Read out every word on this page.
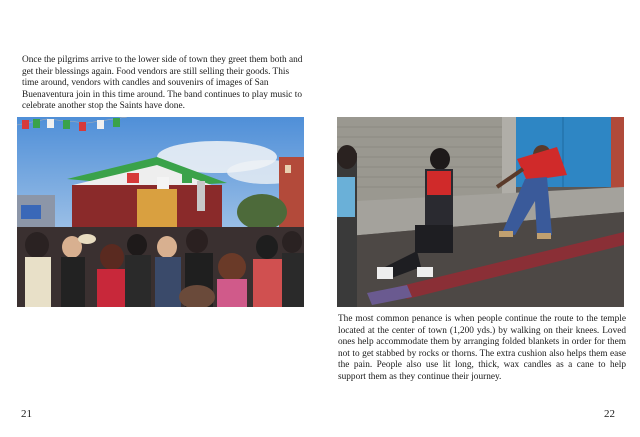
Once the pilgrims arrive to the lower side of town they greet them both and get their blessings again. Food vendors are still selling their goods. This time around, vendors with candles and souvenirs of images of San Buenaventura join in this time around. The band continues to play music to celebrate another stop the Saints have done.

21

The most common penance is when people continue the route to the temple located at the center of town (1,200 yds.) by walking on their knees. Loved ones help accommodate them by arranging folded blankets in order for them not to get stabbed by rocks or thorns. The extra cushion also helps them ease the pain. People also use lit long, thick, wax candles as a cane to help support them as they continue their journey.

22
